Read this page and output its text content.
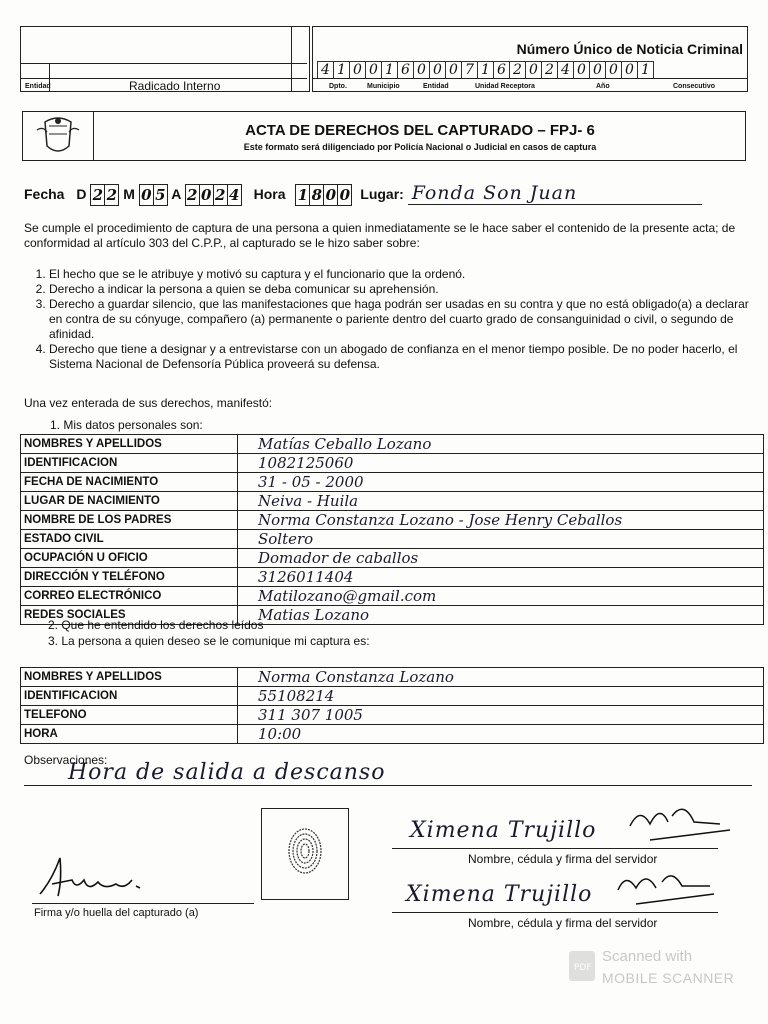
Entidad	Radicado Interno
Número Único de Noticia Criminal
4 1 0 0 1 6 0 0 0 7 1 6 2 0 2 4 0 0 0 0 1
Dpto.	Municipio	Entidad	Unidad Receptora	Año	Consecutivo
ACTA DE DERECHOS DEL CAPTURADO – FPJ- 6
Este formato será diligenciado por Policía Nacional o Judicial en casos de captura
Fecha D 2 2 M 0 5 A 2 0 2 4 Hora 1 8 0 0 Lugar: Fonda Son Juan
Se cumple el procedimiento de captura de una persona a quien inmediatamente se le hace saber el contenido de la presente acta; de conformidad al artículo 303 del C.P.P., al capturado se le hizo saber sobre:
1. El hecho que se le atribuye y motivó su captura y el funcionario que la ordenó.
2. Derecho a indicar la persona a quien se deba comunicar su aprehensión.
3. Derecho a guardar silencio, que las manifestaciones que haga podrán ser usadas en su contra y que no está obligado(a) a declarar en contra de su cónyuge, compañero (a) permanente o pariente dentro del cuarto grado de consanguinidad o civil, o segundo de afinidad.
4. Derecho que tiene a designar y a entrevistarse con un abogado de confianza en el menor tiempo posible. De no poder hacerlo, el Sistema Nacional de Defensoría Pública proveerá su defensa.
Una vez enterada de sus derechos, manifestó:
1. Mis datos personales son:
NOMBRES Y APELLIDOS	Matías Ceballo Lozano
IDENTIFICACION	1082125060
FECHA DE NACIMIENTO	31 - 05 - 2000
LUGAR DE NACIMIENTO	Neiva - Huila
NOMBRE DE LOS PADRES	Norma Constanza Lozano - Jose Henry Ceballos
ESTADO CIVIL	Soltero
OCUPACIÓN U OFICIO	Domador de caballos
DIRECCIÓN Y TELÉFONO	3126011404
CORREO ELECTRÓNICO	Matilozano@gmail.com
REDES SOCIALES	Matias Lozano
2. Que he entendido los derechos leídos
3. La persona a quien deseo se le comunique mi captura es:
NOMBRES Y APELLIDOS	Norma Constanza Lozano
IDENTIFICACION	55108214
TELEFONO	311 307 1005
HORA	10:00
Observaciones:
Hora de salida a descanso
Firma y/o huella del capturado (a)
Ximena Trujillo
Nombre, cédula y firma del servidor
Ximena Trujillo
Nombre, cédula y firma del servidor
PDF
Scanned with
MOBILE SCANNER
